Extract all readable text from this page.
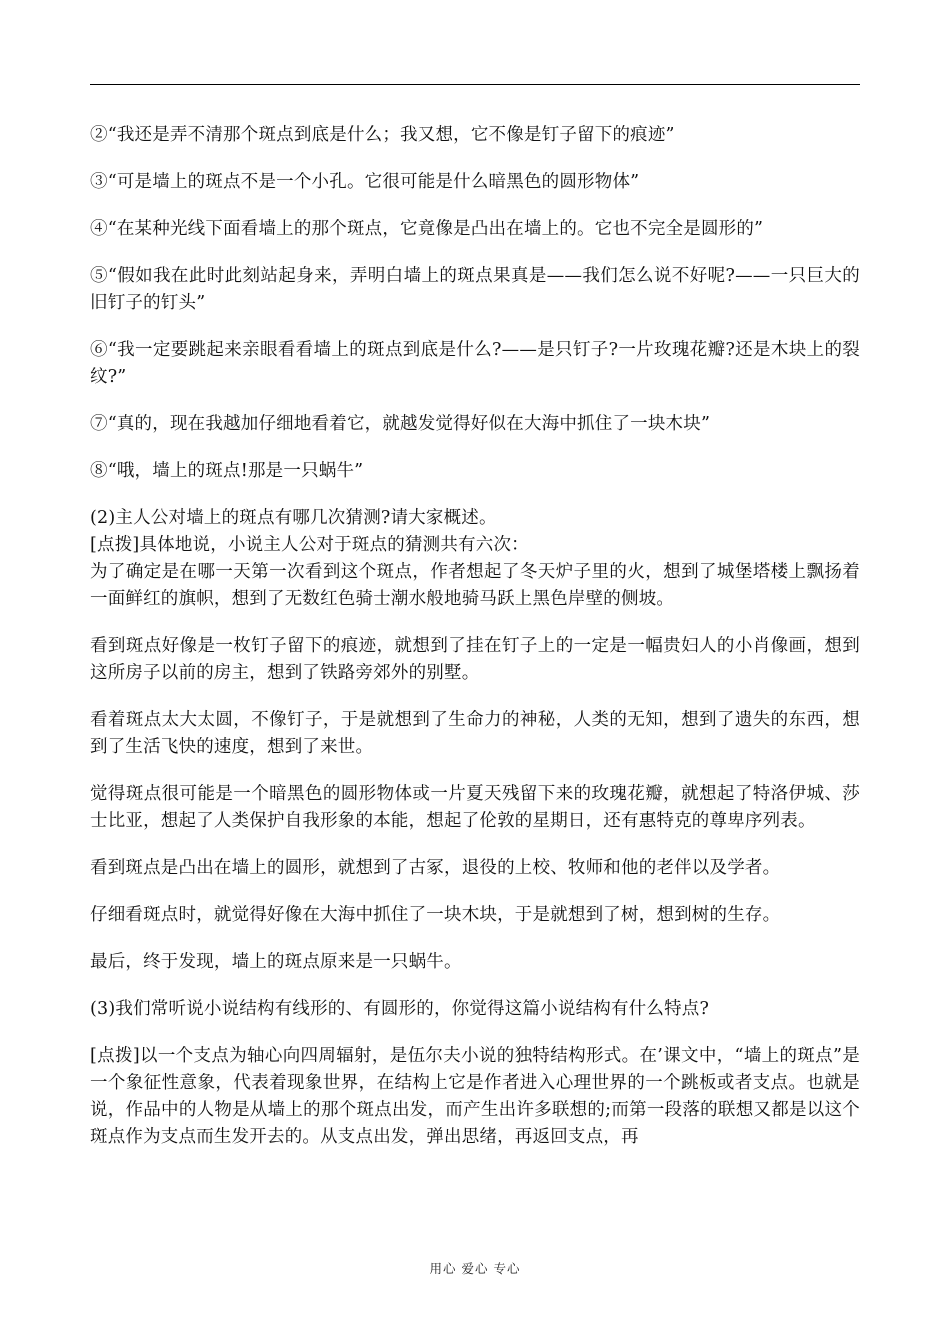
②“我还是弄不清那个斑点到底是什么；我又想，它不像是钉子留下的痕迹”

③“可是墙上的斑点不是一个小孔。它很可能是什么暗黑色的圆形物体”

④“在某种光线下面看墙上的那个斑点，它竟像是凸出在墙上的。它也不完全是圆形的”

⑤“假如我在此时此刻站起身来，弄明白墙上的斑点果真是——我们怎么说不好呢?——一只巨大的旧钉子的钉头”

⑥“我一定要跳起来亲眼看看墙上的斑点到底是什么?——是只钉子?一片玫瑰花瓣?还是木块上的裂纹?”

⑦“真的，现在我越加仔细地看着它，就越发觉得好似在大海中抓住了一块木块”

⑧“哦，墙上的斑点!那是一只蜗牛”

(2)主人公对墙上的斑点有哪几次猜测?请大家概述。

[点拨]具体地说，小说主人公对于斑点的猜测共有六次：

为了确定是在哪一天第一次看到这个斑点，作者想起了冬天炉子里的火，想到了城堡塔楼上飘扬着一面鲜红的旗帜，想到了无数红色骑士潮水般地骑马跃上黑色岸壁的侧坡。

看到斑点好像是一枚钉子留下的痕迹，就想到了挂在钉子上的一定是一幅贵妇人的小肖像画，想到这所房子以前的房主，想到了铁路旁郊外的别墅。

看着斑点太大太圆，不像钉子，于是就想到了生命力的神秘，人类的无知，想到了遗失的东西，想到了生活飞快的速度，想到了来世。

觉得斑点很可能是一个暗黑色的圆形物体或一片夏天残留下来的玫瑰花瓣，就想起了特洛伊城、莎士比亚，想起了人类保护自我形象的本能，想起了伦敦的星期日，还有惠特克的尊卑序列表。

看到斑点是凸出在墙上的圆形，就想到了古冢，退役的上校、牧师和他的老伴以及学者。

仔细看斑点时，就觉得好像在大海中抓住了一块木块，于是就想到了树，想到树的生存。

最后，终于发现，墙上的斑点原来是一只蜗牛。

(3)我们常听说小说结构有线形的、有圆形的，你觉得这篇小说结构有什么特点?

[点拨]以一个支点为轴心向四周辐射，是伍尔夫小说的独特结构形式。在’课文中，“墙上的斑点”是一个象征性意象，代表着现象世界，在结构上它是作者进入心理世界的一个跳板或者支点。也就是说，作品中的人物是从墙上的那个斑点出发，而产生出许多联想的;而第一段落的联想又都是以这个斑点作为支点而生发开去的。从支点出发，弹出思绪，再返回支点，再

用心 爱心 专心
